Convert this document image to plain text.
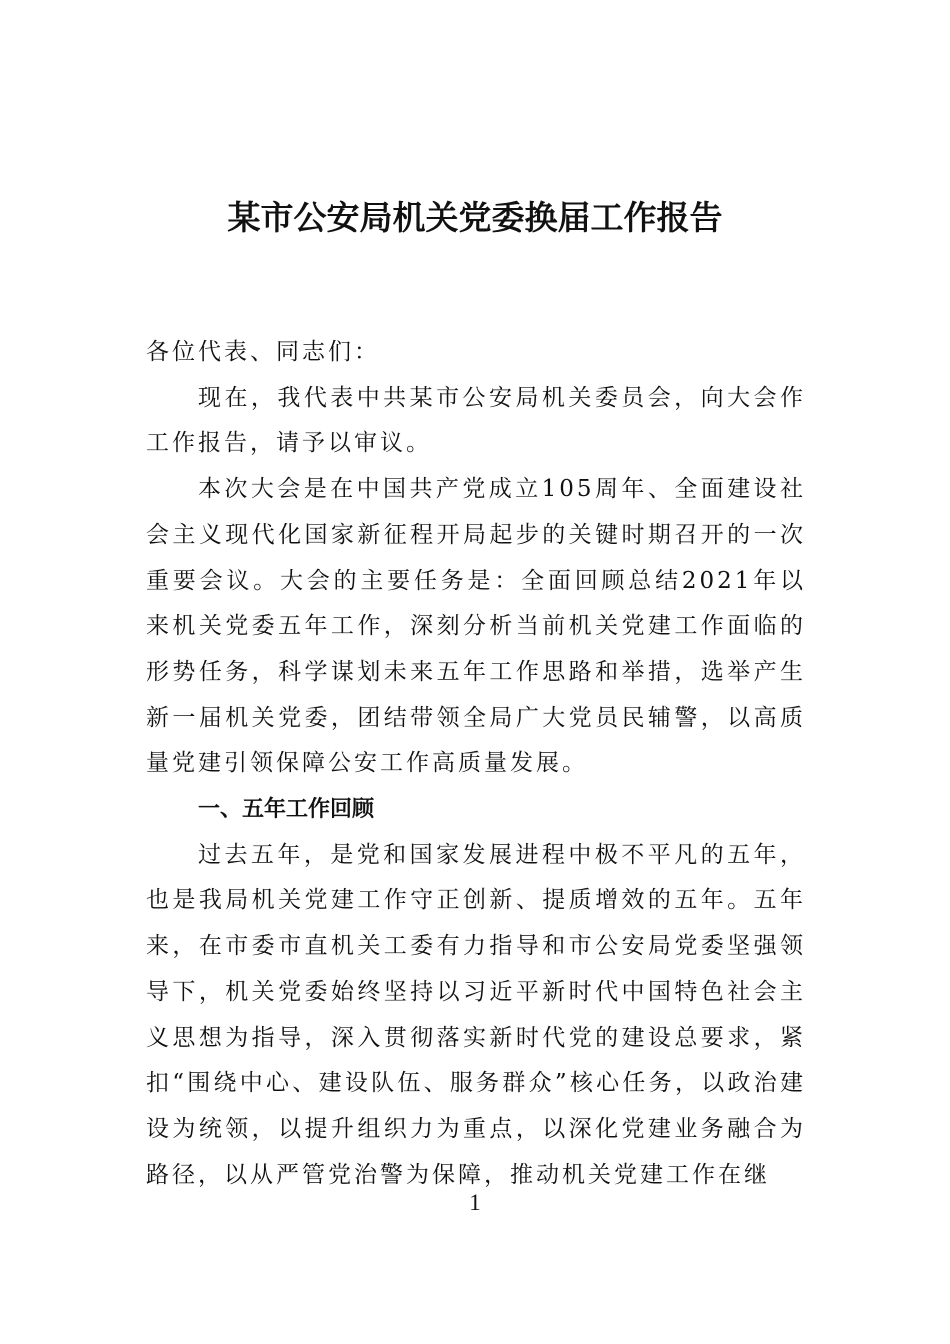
某市公安局机关党委换届工作报告

各位代表、同志们：

现在，我代表中共某市公安局机关委员会，向大会作工作报告，请予以审议。

本次大会是在中国共产党成立105周年、全面建设社会主义现代化国家新征程开局起步的关键时期召开的一次重要会议。大会的主要任务是：全面回顾总结2021年以来机关党委五年工作，深刻分析当前机关党建工作面临的形势任务，科学谋划未来五年工作思路和举措，选举产生新一届机关党委，团结带领全局广大党员民辅警，以高质量党建引领保障公安工作高质量发展。

一、五年工作回顾

过去五年，是党和国家发展进程中极不平凡的五年，也是我局机关党建工作守正创新、提质增效的五年。五年来，在市委市直机关工委有力指导和市公安局党委坚强领导下，机关党委始终坚持以习近平新时代中国特色社会主义思想为指导，深入贯彻落实新时代党的建设总要求，紧扣“围绕中心、建设队伍、服务群众”核心任务，以政治建设为统领，以提升组织力为重点，以深化党建业务融合为路径，以从严管党治警为保障，推动机关党建工作在继

1
